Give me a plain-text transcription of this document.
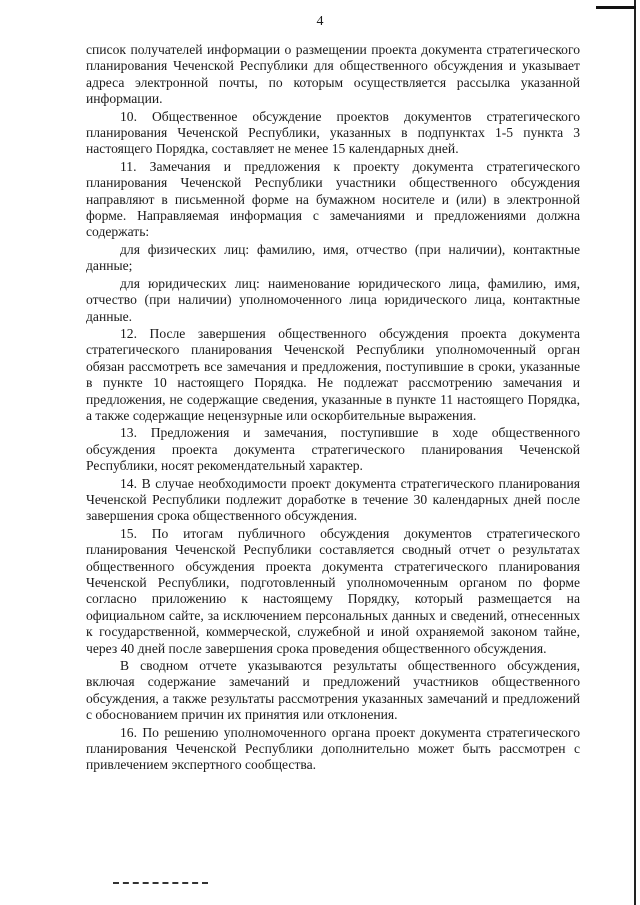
4

список получателей информации о размещении проекта документа стратегического планирования Чеченской Республики для общественного обсуждения и указывает адреса электронной почты, по которым осуществляется рассылка указанной информации.

10. Общественное обсуждение проектов документов стратегического планирования Чеченской Республики, указанных в подпунктах 1-5 пункта 3 настоящего Порядка, составляет не менее 15 календарных дней.

11. Замечания и предложения к проекту документа стратегического планирования Чеченской Республики участники общественного обсуждения направляют в письменной форме на бумажном носителе и (или) в электронной форме. Направляемая информация с замечаниями и предложениями должна содержать:

для физических лиц: фамилию, имя, отчество (при наличии), контактные данные;

для юридических лиц: наименование юридического лица, фамилию, имя, отчество (при наличии) уполномоченного лица юридического лица, контактные данные.

12. После завершения общественного обсуждения проекта документа стратегического планирования Чеченской Республики уполномоченный орган обязан рассмотреть все замечания и предложения, поступившие в сроки, указанные в пункте 10 настоящего Порядка. Не подлежат рассмотрению замечания и предложения, не содержащие сведения, указанные в пункте 11 настоящего Порядка, а также содержащие нецензурные или оскорбительные выражения.

13. Предложения и замечания, поступившие в ходе общественного обсуждения проекта документа стратегического планирования Чеченской Республики, носят рекомендательный характер.

14. В случае необходимости проект документа стратегического планирования Чеченской Республики подлежит доработке в течение 30 календарных дней после завершения срока общественного обсуждения.

15. По итогам публичного обсуждения документов стратегического планирования Чеченской Республики составляется сводный отчет о результатах общественного обсуждения проекта документа стратегического планирования Чеченской Республики, подготовленный уполномоченным органом по форме согласно приложению к настоящему Порядку, который размещается на официальном сайте, за исключением персональных данных и сведений, отнесенных к государственной, коммерческой, служебной и иной охраняемой законом тайне, через 40 дней после завершения срока проведения общественного обсуждения.

В сводном отчете указываются результаты общественного обсуждения, включая содержание замечаний и предложений участников общественного обсуждения, а также результаты рассмотрения указанных замечаний и предложений с обоснованием причин их принятия или отклонения.

16. По решению уполномоченного органа проект документа стратегического планирования Чеченской Республики дополнительно может быть рассмотрен с привлечением экспертного сообщества.
